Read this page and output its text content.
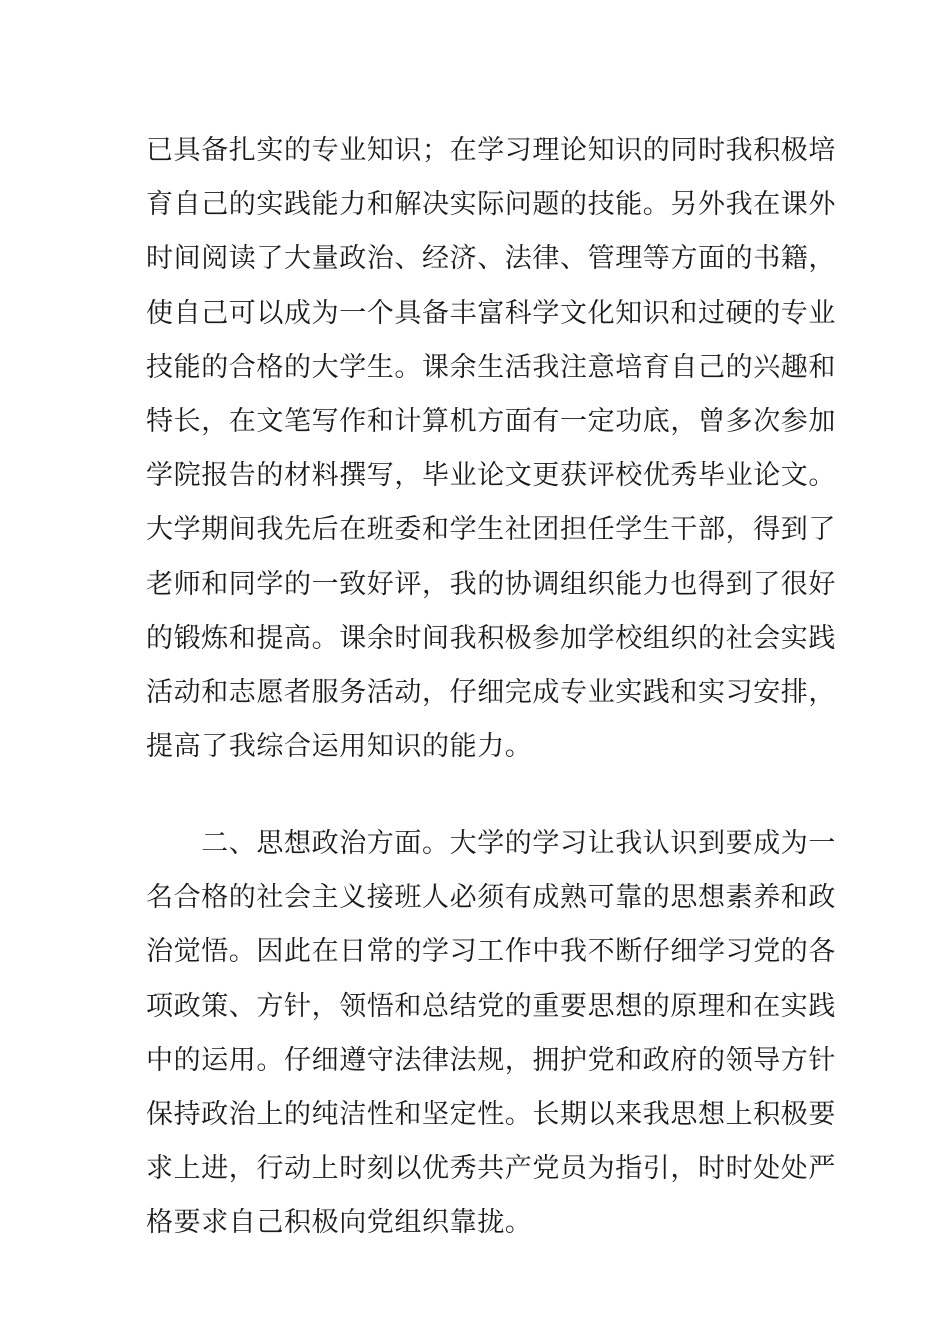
已具备扎实的专业知识；在学习理论知识的同时我积极培
育自己的实践能力和解决实际问题的技能。另外我在课外
时间阅读了大量政治、经济、法律、管理等方面的书籍，
使自己可以成为一个具备丰富科学文化知识和过硬的专业
技能的合格的大学生。课余生活我注意培育自己的兴趣和
特长，在文笔写作和计算机方面有一定功底，曾多次参加
学院报告的材料撰写，毕业论文更获评校优秀毕业论文。
大学期间我先后在班委和学生社团担任学生干部，得到了
老师和同学的一致好评，我的协调组织能力也得到了很好
的锻炼和提高。课余时间我积极参加学校组织的社会实践
活动和志愿者服务活动，仔细完成专业实践和实习安排，
提高了我综合运用知识的能力。
　　二、思想政治方面。大学的学习让我认识到要成为一
名合格的社会主义接班人必须有成熟可靠的思想素养和政
治觉悟。因此在日常的学习工作中我不断仔细学习党的各
项政策、方针，领悟和总结党的重要思想的原理和在实践
中的运用。仔细遵守法律法规，拥护党和政府的领导方针
保持政治上的纯洁性和坚定性。长期以来我思想上积极要
求上进，行动上时刻以优秀共产党员为指引，时时处处严
格要求自己积极向党组织靠拢。
